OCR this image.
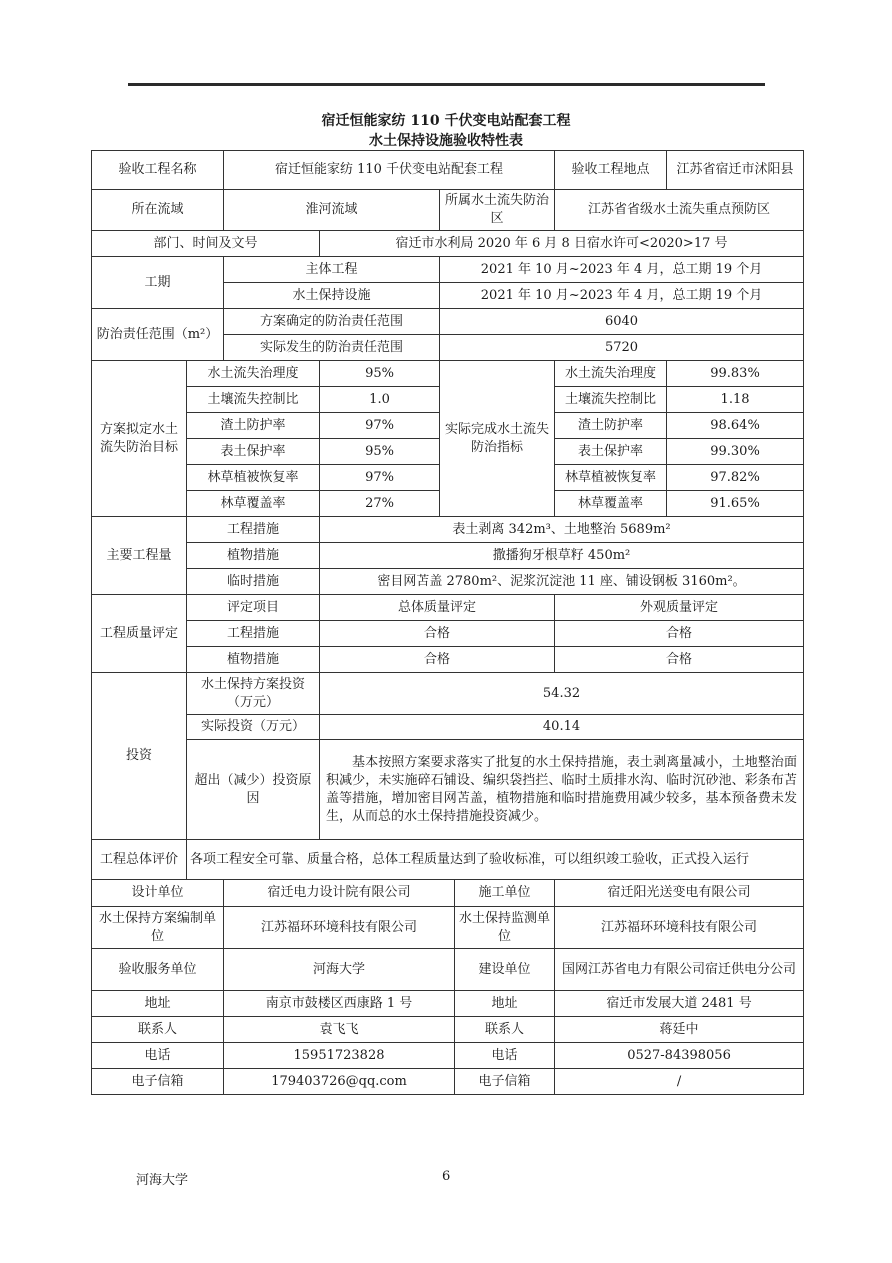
宿迁恒能家纺 110 千伏变电站配套工程
水土保持设施验收特性表
验收工程名称		宿迁恒能家纺 110 千伏变电站配套工程				验收工程地点	江苏省宿迁市沭阳县
所在流域		淮河流域		所属水土流失防治区		江苏省省级水土流失重点预防区	
部门、时间及文号			宿迁市水利局 2020 年 6 月 8 日宿水许可<2020>17 号				
工期		主体工程		2021 年 10 月~2023 年 4 月，总工期 19 个月			
		水土保持设施		2021 年 10 月~2023 年 4 月，总工期 19 个月			
防治责任范围（m²）		方案确定的防治责任范围		6040			
		实际发生的防治责任范围		5720			
方案拟定水土流失防治目标	水土流失治理度		95%	实际完成水土流失防治指标		水土流失治理度	99.83%
	土壤流失控制比		1.0			土壤流失控制比	1.18
	渣土防护率		97%			渣土防护率	98.64%
	表土保护率		95%			表土保护率	99.30%
	林草植被恢复率		97%			林草植被恢复率	97.82%
	林草覆盖率		27%			林草覆盖率	91.65%
主要工程量	工程措施		表土剥离 342m³、土地整治 5689m²				
	植物措施		撒播狗牙根草籽 450m²				
	临时措施		密目网苫盖 2780m²、泥浆沉淀池 11 座、铺设钢板 3160m²。				
工程质量评定	评定项目		总体质量评定			外观质量评定	
	工程措施		合格			合格	
	植物措施		合格			合格	
投资	水土保持方案投资（万元）		54.32				
	实际投资（万元）		40.14				
	超出（减少）投资原因		基本按照方案要求落实了批复的水土保持措施，表土剥离量减小，土地整治面积减少，未实施碎石铺设、编织袋挡拦、临时土质排水沟、临时沉砂池、彩条布苫盖等措施，增加密目网苫盖，植物措施和临时措施费用减少较多，基本预备费未发生，从而总的水土保持措施投资减少。				
工程总体评价	各项工程安全可靠、质量合格，总体工程质量达到了验收标准，可以组织竣工验收，正式投入运行						
设计单位		宿迁电力设计院有限公司			施工单位	宿迁阳光送变电有限公司	
水土保持方案编制单位		江苏福环环境科技有限公司			水土保持监测单位	江苏福环环境科技有限公司	
验收服务单位		河海大学			建设单位	国网江苏省电力有限公司宿迁供电分公司	
地址		南京市鼓楼区西康路 1 号			地址	宿迁市发展大道 2481 号	
联系人		袁飞飞			联系人	蒋廷中	
电话		15951723828			电话	0527-84398056	
电子信箱		179403726@qq.com			电子信箱	/	
河海大学	6
